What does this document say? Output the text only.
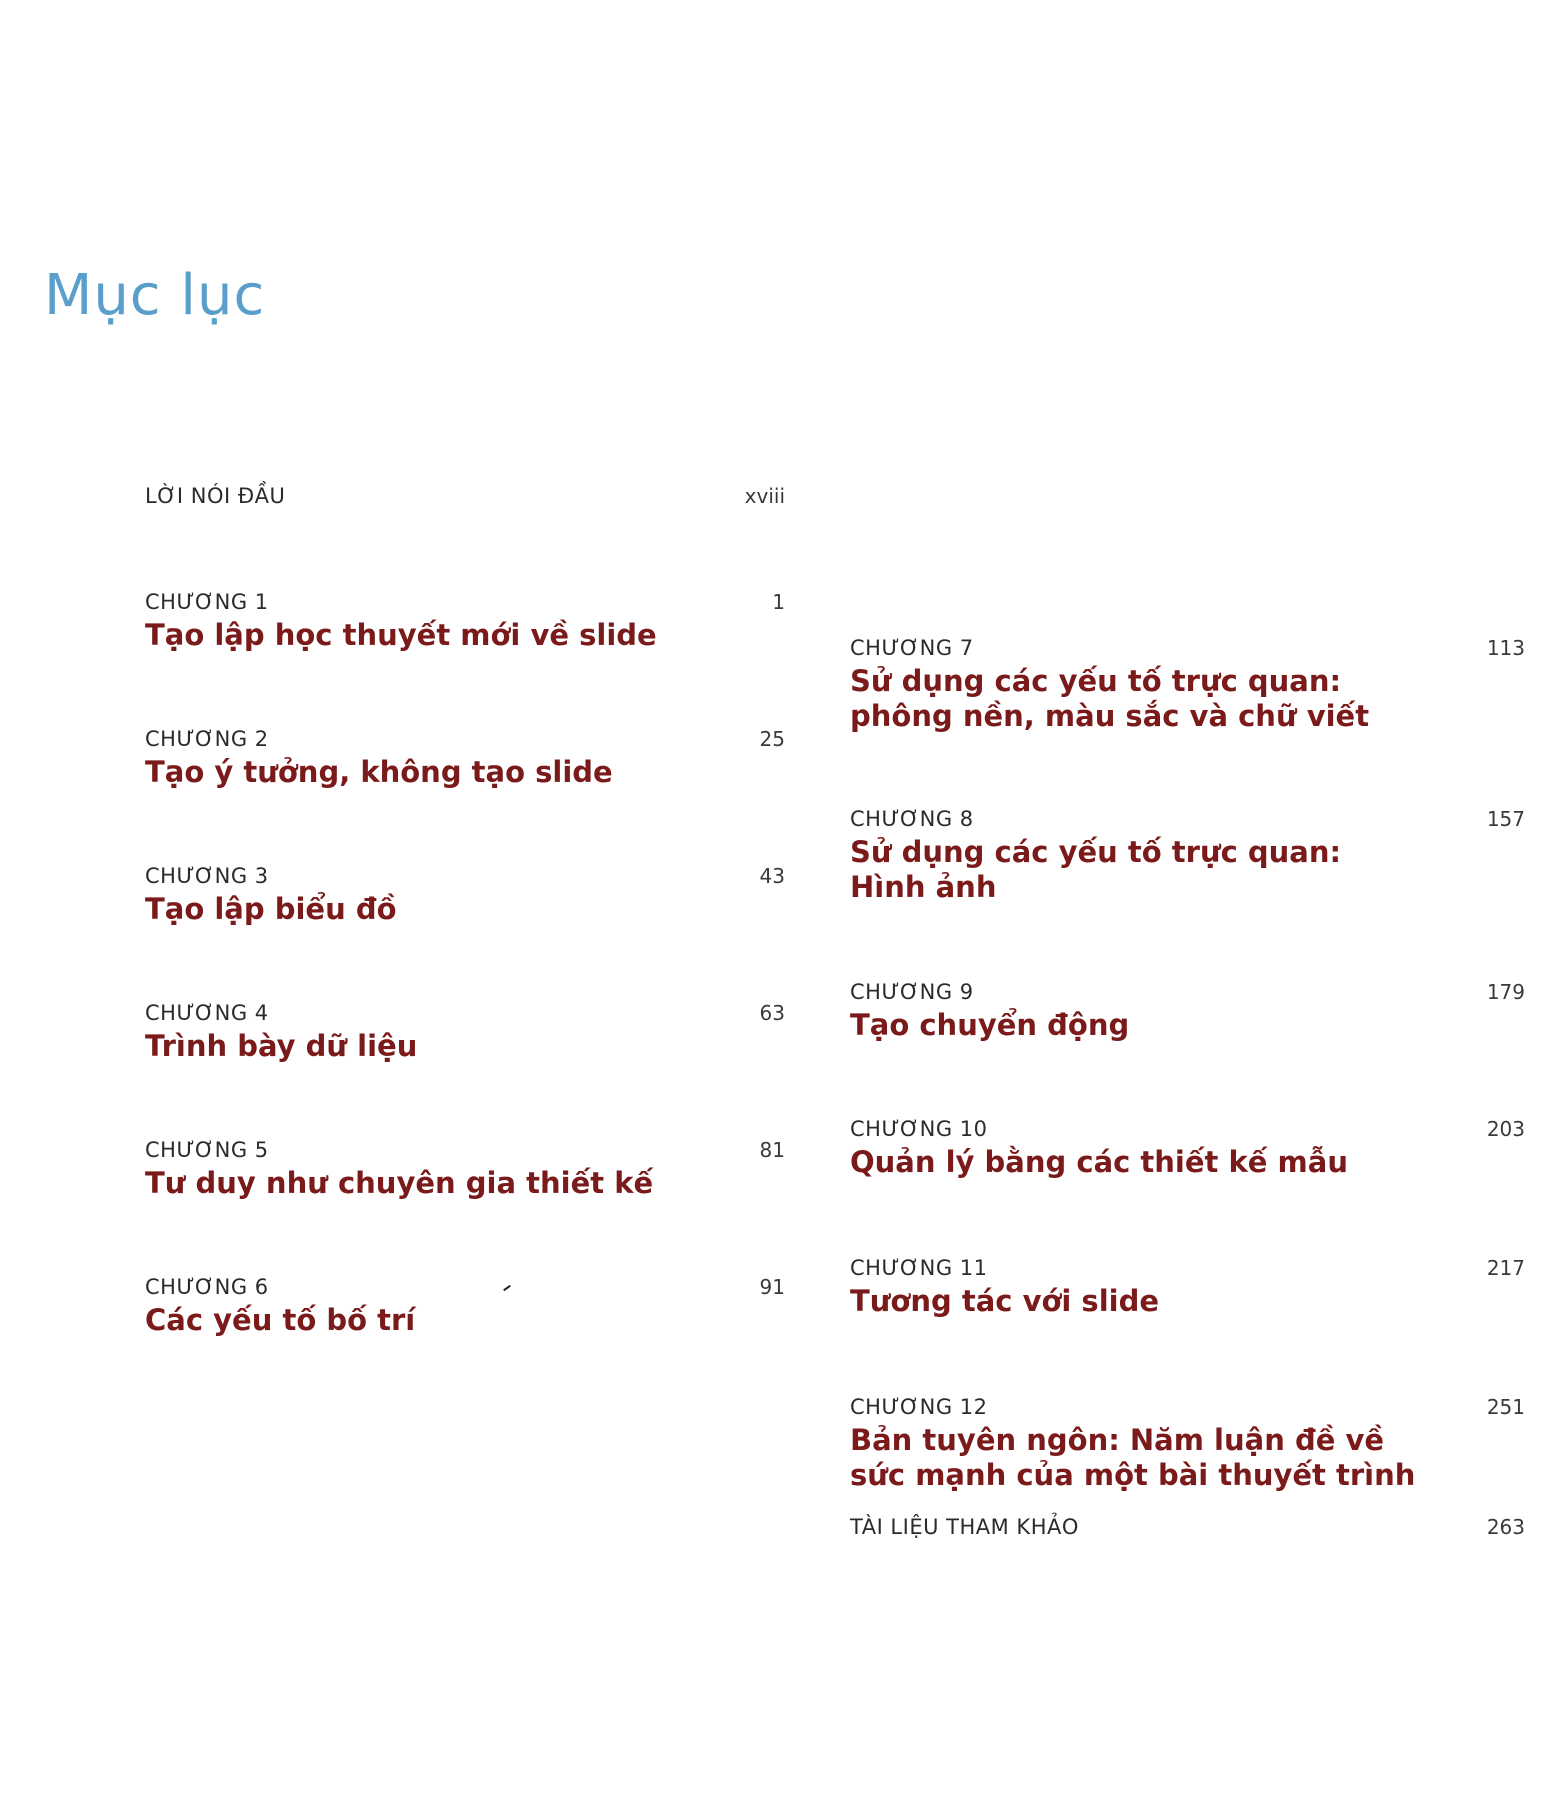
Mục lục
LỜI NÓI ĐẦU	xviii
CHƯƠNG 1	1
Tạo lập học thuyết mới về slide
CHƯƠNG 2	25
Tạo ý tưởng, không tạo slide
CHƯƠNG 3	43
Tạo lập biểu đồ
CHƯƠNG 4	63
Trình bày dữ liệu
CHƯƠNG 5	81
Tư duy như chuyên gia thiết kế
CHƯƠNG 6	91
Các yếu tố bố trí
CHƯƠNG 7	113
Sử dụng các yếu tố trực quan:
phông nền, màu sắc và chữ viết
CHƯƠNG 8	157
Sử dụng các yếu tố trực quan:
Hình ảnh
CHƯƠNG 9	179
Tạo chuyển động
CHƯƠNG 10	203
Quản lý bằng các thiết kế mẫu
CHƯƠNG 11	217
Tương tác với slide
CHƯƠNG 12	251
Bản tuyên ngôn: Năm luận đề về
sức mạnh của một bài thuyết trình
TÀI LIỆU THAM KHẢO	263
